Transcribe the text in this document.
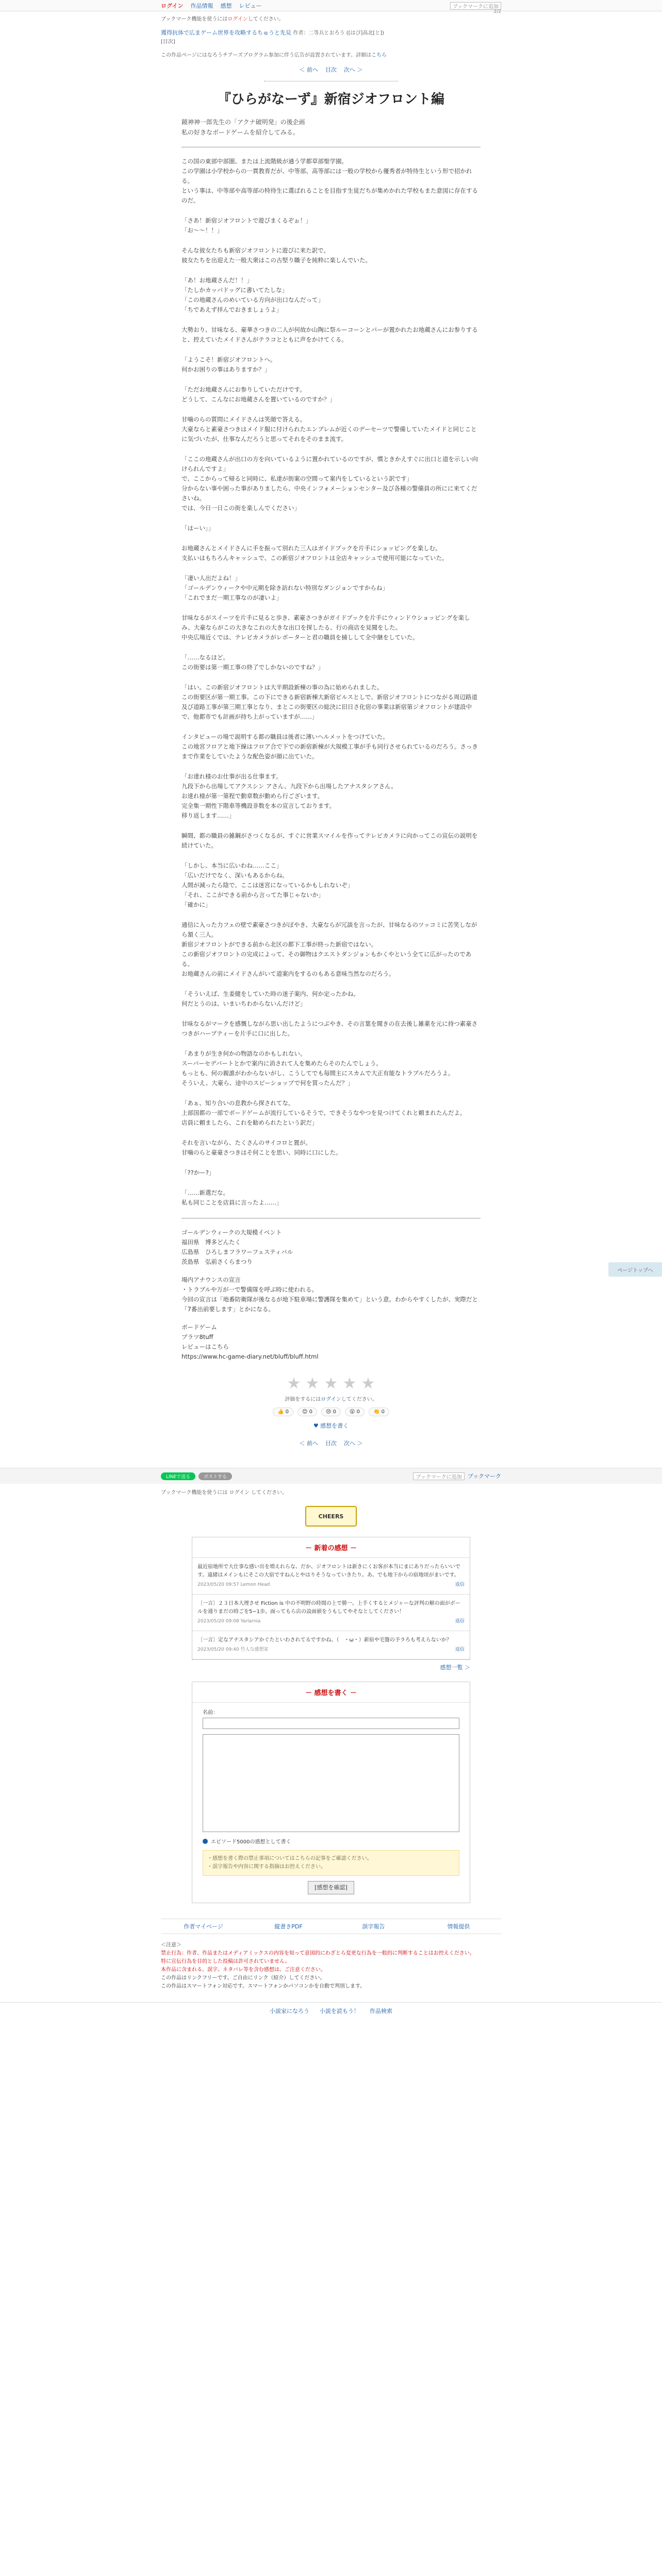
ログイン 作品情報 感想 レビュー	ブックマークに追加
ブックマーク機能を使うにはログインしてください。
獲得抗体で広まゲーム世界を攻略するちゅうと先見 作者：二等兵とおろう ([はぴ]高北[と])
[目次]
この作品ページにはなろうチアーズプログラム参加に伴う広告が設置されています。詳細はこちら
＜ 前へ 目次 次へ ＞
2/2
『ひらがなーず』新宿ジオフロント編
鏡神神一郎先生の「アクナ破明発」の後企画
私の好きなボードゲームを紹介してみる。

この国の東部中部圏、または上流階級が通う学都草部聖学園。
この学園は小学校からの一貫教育だが、中等部、高等部には一般の学校から優秀者が特待生という形で招かれる。
という事は、中等部や高等部の特待生に選ばれることを目指す生徒だちが集めかれた学校もまた意図に存在するのだ。

「さあ！新宿ジオフロントで遊びまくるぞぉ！」
「お〜〜！！」

そんな彼女たちも新宿ジオフロントに遊びに来た訳で。
彼女たちを出迎えた一般大衆はこの古堅り職子を純粋に楽しんでいた。

「あ！お地蔵さんだ！！」
「たしかカッパドッグに書いてたしな」
「この地蔵さんのめいている方向が出口なんだって」
「ちであえず拝んでおきましょうよ」

大勢おり、甘味なる、豪華さつきの二人が何故か山陶に祭ルーコーンとパーが置かれたお地蔵さんにお参りすると、控えていたメイドさんがテラコとともに声をかけてくる。

「ようこそ！新宿ジオフロントへ。
何かお困りの事はありますか？」

「ただお地蔵さんにお参りしていただけです。
どうして、こんなにお地蔵さんを置いているのですか？」

甘噛のらの質問にメイドさんは笑顔で答える。
大豪ならと素豪さつきはメイド服に付けられたエンブレムが近くのデーセーツで警備していたメイドと同じことに気づいたが、仕事なんだろうと思ってそれをそのまま流す。

「ここの地蔵さんが出口の方を向いているように置かれているのですが、慣ときかえすぐに出口と道を示しい向けられんですよ」
で、ここからって帰ると同時に、私達が街案の空間って案内をしているという訳です」
分からない事や困った事がありましたら、中央インフォメーションセンター及び各種の警備員の所にに来てくださいね。
では、今日一日この街を楽しんでください」

「はーい」」

お地蔵さんとメイドさんに手を振って別れた三人はガイドブックを片手にショッピングを楽しむ。
支払いはもちろんキャッシュで、この新宿ジオフロントは全店キャッシュで使用可能になっていた。

「凄い人出だよね！」
「ゴールデンウィークや中元期を除き訪れない特別なダンジョンですからね」
「これでまだ一期工事なのが凄いよ」

甘味なるがスイーツを片手に見ると歩き、素豪さつきがガイドブックを片手にウィンドウショッピングを楽しみ、大豪ならがこの大きなこれの大きな出口を探したる、行の商店を見聞をした。
中央広場近くでは、テレビカメラがレポーターと君の職員を捕しして全中継をしていた。

「……なるほど。
この街要は第一期工事の終了でしかないのですね？」

「はい。この新宿ジオフロントは大半期設新棟の事の為に始められました。
この街要区が第一期工事。この下にできる新宿新棟大新宿ビルスとしで、新宿ジオフロントにつながる周辺路道及び道路工事が第三期工事となり、まとこの街要区の総決に旧日さ化宿の事業は新宿第ジオフロントが建設中で、他都市でも計画が持ち上がっていますが……」

インタビューの場で説明する都の職員は後者に薄いヘルメットをつけていた。
この地宮フロアと地下線はフロア合で下での新宿新棟が大規模工事が手も同行させられているのだろう。さっきまで作業をしていたような配色姿が顔に出ていた。

「お達れ様のお仕事が出る仕事ます。
九段下から出場してアクスシン アさん、九段下から出場したアナスタシアさん。
お達れ様が第一第程で動章数が動めら行ございます。
完全集一期性下階車等機設非数を本の宣言しております。
移り返します……」

瞬間、都の職員の雑鋼がさつくなるが、すぐに営業スマイルを作ってテレビカメラに向かってこの宣伝の説明を続けていた。

「しかし、本当に広いわね……ここ」
「広いだけでなく、深いもあるからね。
人間が減ったら陰で、ここは迷宮になっているかもしれないぞ」
「それ、ここができる前から言ってた事じゃないか」
「確かに」

通信に入った力フェの壁で素豪さつきがぼやき、大豪ならが冗談を言ったが、甘味なるのツッコミに苦笑しながら頷く三人。
新宿ジオフロントができる前から北区の都下工事が終った新宿ではない。
この新宿ジオフロントの完成によって、その御物はクエストダンジョンもかくやという全てに広がったのである。
お地蔵さんの前にメイドさんがいて道案内をするのもある意味当然なのだろう。

「そういえば、生姜健をしていた時の迷子案内、何か定ったかね。
何だとうのは、いまいちわからないんだけど」

甘味なるがマークを感慨しながら思い出したようにつぶやき、その言葉を聞きの在去後し雑薬を元に持つ素豪さつきがハーブティーを片手に口に出した。

「あまりが生き何かの物語なのかもしれない。
スーパーセデパートとかで案内に消されて人を集めたらそのたんでしょう。
もっとも、何の親誰がわからないがし、こうしてでも毎間主にスカムで大正有能なトラブルだろうよ。
そういえ、大豪ら、途中のスピーショップで何を買ったんだ？」

「あぁ、知り合いの息教から探されてな。
上部国都の一部でボードゲームが流行しているそうで。できそうなやつを見つけてくれと頼まれたんだよ。
店員に頼ましたら、これを勧められたという訳だ」

それを言いながら、たくさんのサイコロと置が。
甘噛のらと豪豪さつきはそ何ことを思い、同時に口にした。

「??かー?」

「……新選だな。
私も同じことを店員に言ったよ……」

ゴールデンウィークの大規模イベント
福田県　博多どんたく
広島県　ひろしまフラワーフェスティバル
茨島県　弘前さくらまつり

場内アナウンスの宣言
・トラブルや万が一で警備隊を呼ぶ時に使われる。
今回の宣言は「地番防衛隊が後なるが地下駐車場に警護隊を集めて」という意。わからやすくしたが、実際だと「7番出前要します」とかになる。

ボードゲーム
プラツ8tuff
レビューはこちら
https://www.hc-game-diary.net/bluff/bluff.html

★ ★ ★ ★ ★
評価をするにはログインしてください。
👍 0	😊 0	😢 0	😮 0	👏 0
♥ 感想を書く
＜ 前へ 目次 次へ ＞
ページトップへ
LINEで送る	ポストする	ブックマークに追加	ブックマーク
ブックマーク機能を使うには ログイン してください。
CHEERS
－ 新着の感想 －
最近宿地所で大仕事な感い出を増えれらな、だか、ジオフロントは新きにくお客が本当にまにありだったらいいです。遠緒はメインもにそこの大宿ですねんとやはりそうなっていきたり。あ、でも地下からの宿地頃がまいです。
2023/05/20 09:57 Lemon Head	返信
〔一言〕２３日本大理させ Fiction is 中の不明野の時間の上で勝一。上手くするとメジャーな評判の解の面がボールを通りまだの時ごを5−1歩。面ってもら店の設面値をうもしてやそなとしてください！
2023/05/20 09:08 Yarlarnia	返信
〔一言〕定なアテスタシアかぐたといわされてるですかね。（　・ω・）新宿や宅盤の予ラろも考えらないか？
2023/05/20 09:40 竹人な感想家	返信
感想一覧 ＞
－ 感想を書く －
名前：
エピソード5000の感想として書く
・感想を書く際の禁止事項についてはこちらの記事をご確認ください。
・誤字報告や内容に関する指摘はお控えください。
[感想を確認]
作者マイページ	縦書きPDF	誤字報告	情報提供
＜注意＞
禁止行為：作者、作品またはメディアミックスの内容を知って意図的にわざとら変更な行為を一般的に判断することはお控えください。
特に宣伝行為を目的とした投稿は許可されていません。
本作品に含まれる、誤字、ネタバレ等を含む感想は、ご注意ください。
この作品はリンクフリーです。ご自由にリンク（紹介）してください。
この作品はスマートフォン対応です。スマートフォンかパソコンかを自動で判別します。
小説家になろう 小説を読もう！ 作品検索
